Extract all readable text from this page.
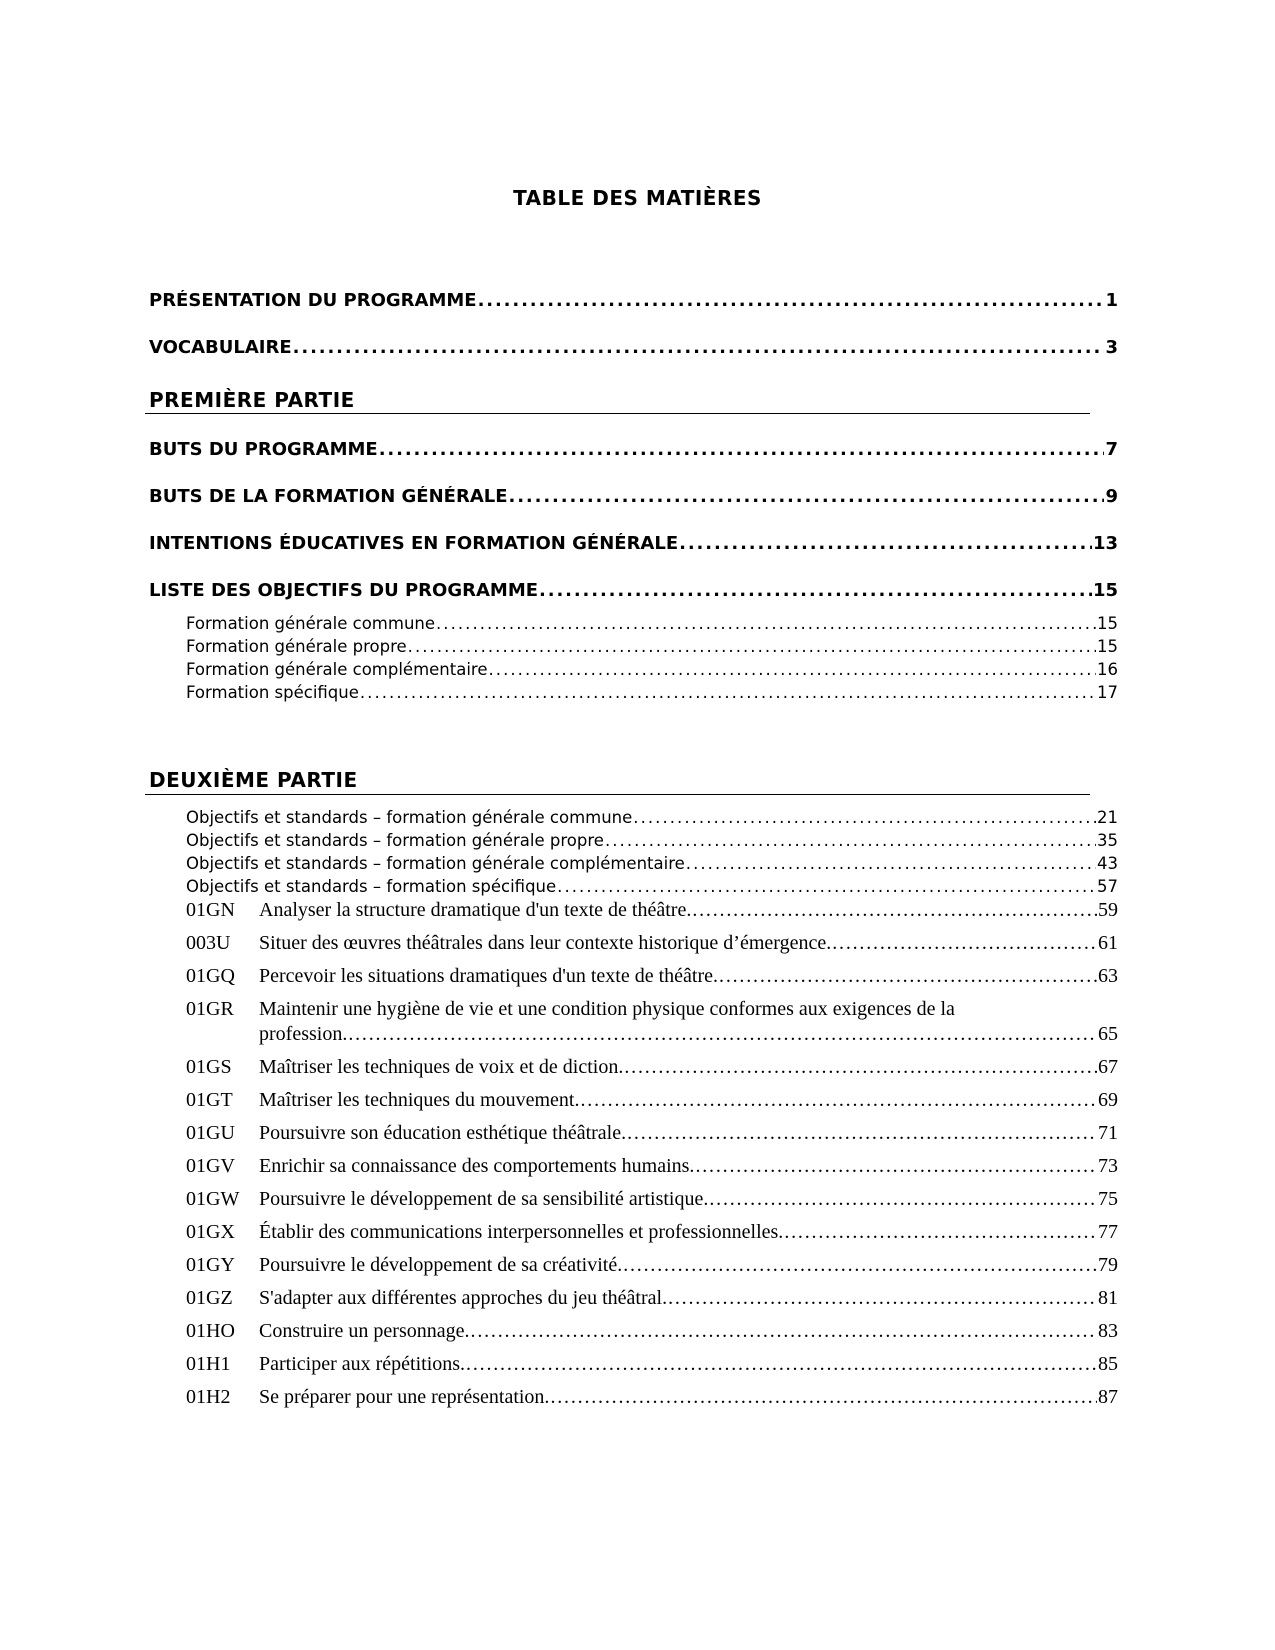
TABLE DES MATIÈRES
PRÉSENTATION DU PROGRAMME . . .	1
VOCABULAIRE . . .	3
PREMIÈRE PARTIE
BUTS DU PROGRAMME . . .	7
BUTS DE LA FORMATION GÉNÉRALE . . .	9
INTENTIONS ÉDUCATIVES EN FORMATION GÉNÉRALE . . .	13
LISTE DES OBJECTIFS DU PROGRAMME . . .	15
Formation générale commune . . .	15
Formation générale propre . . .	15
Formation générale complémentaire . . .	16
Formation spécifique . . .	17
DEUXIÈME PARTIE
Objectifs et standards – formation générale commune . . .	21
Objectifs et standards – formation générale propre . . .	35
Objectifs et standards – formation générale complémentaire . . .	43
Objectifs et standards – formation spécifique . . .	57
01GN Analyser la structure dramatique d'un texte de théâtre. . . .	59
003U Situer des œuvres théâtrales dans leur contexte historique d’émergence. . . .	61
01GQ Percevoir les situations dramatiques d'un texte de théâtre. . . .	63
01GR Maintenir une hygiène de vie et une condition physique conformes aux exigences de la
profession. . . .	65
01GS Maîtriser les techniques de voix et de diction. . . .	67
01GT Maîtriser les techniques du mouvement. . . .	69
01GU Poursuivre son éducation esthétique théâtrale. . . .	71
01GV Enrichir sa connaissance des comportements humains. . . .	73
01GW Poursuivre le développement de sa sensibilité artistique. . . .	75
01GX Établir des communications interpersonnelles et professionnelles. . . .	77
01GY Poursuivre le développement de sa créativité. . . .	79
01GZ S'adapter aux différentes approches du jeu théâtral. . . .	81
01HO Construire un personnage. . . .	83
01H1 Participer aux répétitions. . . .	85
01H2 Se préparer pour une représentation. . . .	87
